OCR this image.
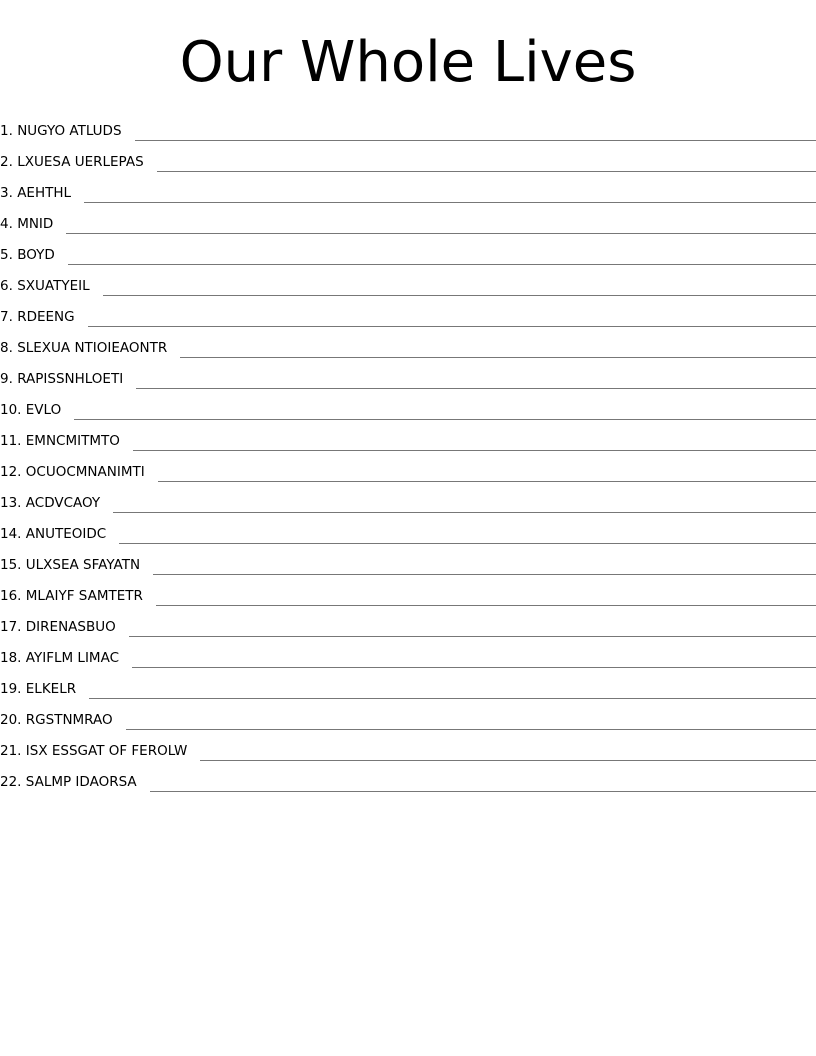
Our Whole Lives
1. NUGYO ATLUDS
2. LXUESA UERLEPAS
3. AEHTHL
4. MNID
5. BOYD
6. SXUATYEIL
7. RDEENG
8. SLEXUA NTIOIEAONTR
9. RAPISSNHLOETI
10. EVLO
11. EMNCMITMTO
12. OCUOCMNANIMTI
13. ACDVCAOY
14. ANUTEOIDC
15. ULXSEA SFAYATN
16. MLAIYF SAMTETR
17. DIRENASBUO
18. AYIFLM LIMAC
19. ELKELR
20. RGSTNMRAO
21. ISX ESSGAT OF FEROLW
22. SALMP IDAORSA
